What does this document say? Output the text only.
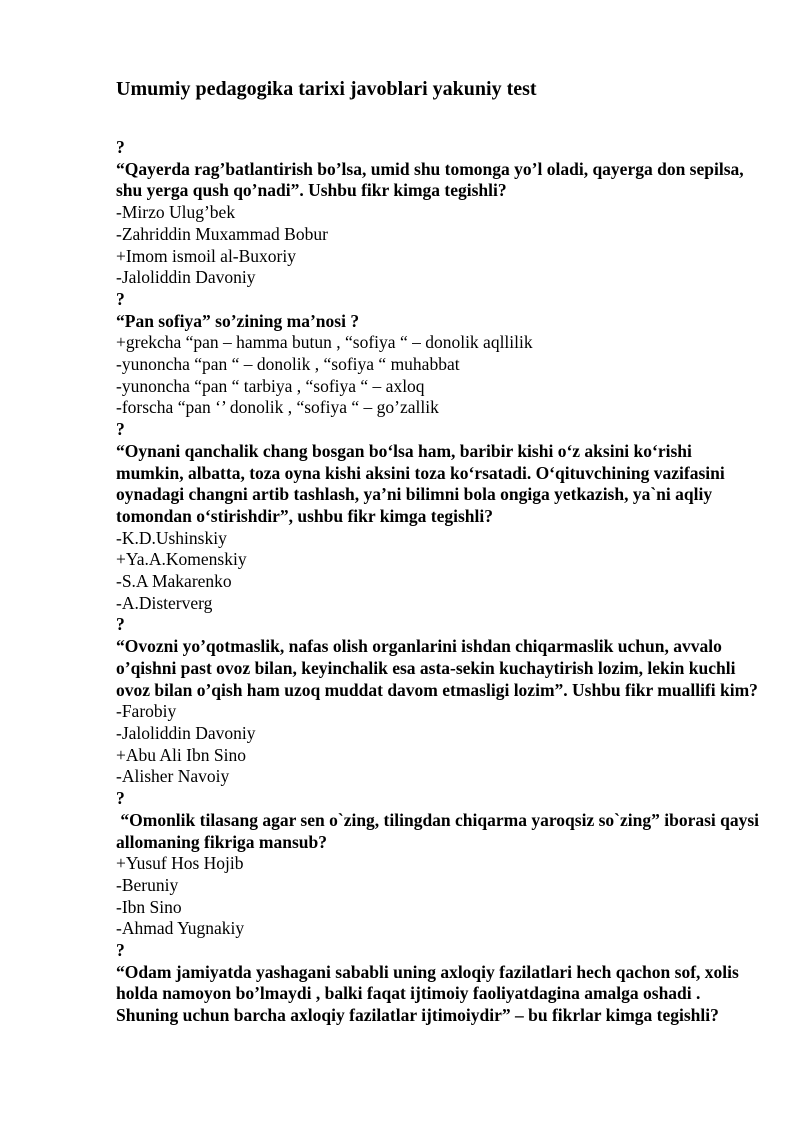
Umumiy pedagogika tarixi javoblari yakuniy test
?
“Qayerda rag’batlantirish bo’lsa, umid shu tomonga yo’l oladi, qayerga don sepilsa, shu yerga qush qo’nadi”. Ushbu fikr kimga tegishli?
-Mirzo Ulug’bek
-Zahriddin Muxammad Bobur
+Imom ismoil al-Buxoriy
-Jaloliddin Davoniy
?
“Pan sofiya” so’zining ma’nosi ?
+grekcha “pan – hamma butun , “sofiya “ – donolik aqllilik
-yunoncha “pan “ – donolik , “sofiya “ muhabbat
-yunoncha “pan “ tarbiya , “sofiya “ – axloq
-forscha “pan ‘’ donolik , “sofiya “ – go’zallik
?
“Oynani qanchalik chang bosgan bo‘lsa ham, baribir kishi o‘z aksini ko‘rishi mumkin, albatta, toza oyna kishi aksini toza ko‘rsatadi. O‘qituvchining vazifasini oynadagi changni artib tashlash, ya’ni bilimni bola ongiga yetkazish, ya`ni aqliy tomondan o‘stirishdir”, ushbu fikr kimga tegishli?
-K.D.Ushinskiy
+Ya.A.Komenskiy
-S.A Makarenko
-A.Disterverg
?
“Ovozni yo’qotmaslik, nafas olish organlarini ishdan chiqarmaslik uchun, avvalo o’qishni past ovoz bilan, keyinchalik esa asta-sekin kuchaytirish lozim, lekin kuchli ovoz bilan o’qish ham uzoq muddat davom etmasligi lozim”. Ushbu fikr muallifi kim?
-Farobiy
-Jaloliddin Davoniy
+Abu Ali Ibn Sino
-Alisher Navoiy
?
“Omonlik tilasang agar sen o`zing, tilingdan chiqarma yaroqsiz so`zing” iborasi qaysi allomaning fikriga mansub?
+Yusuf Hos Hojib
-Beruniy
-Ibn Sino
-Ahmad Yugnakiy
?
“Odam jamiyatda yashagani sababli uning axloqiy fazilatlari hech qachon sof, xolis holda namoyon bo’lmaydi , balki faqat ijtimoiy faoliyatdagina amalga oshadi . Shuning uchun barcha axloqiy fazilatlar ijtimoiydir” – bu fikrlar kimga tegishli?
